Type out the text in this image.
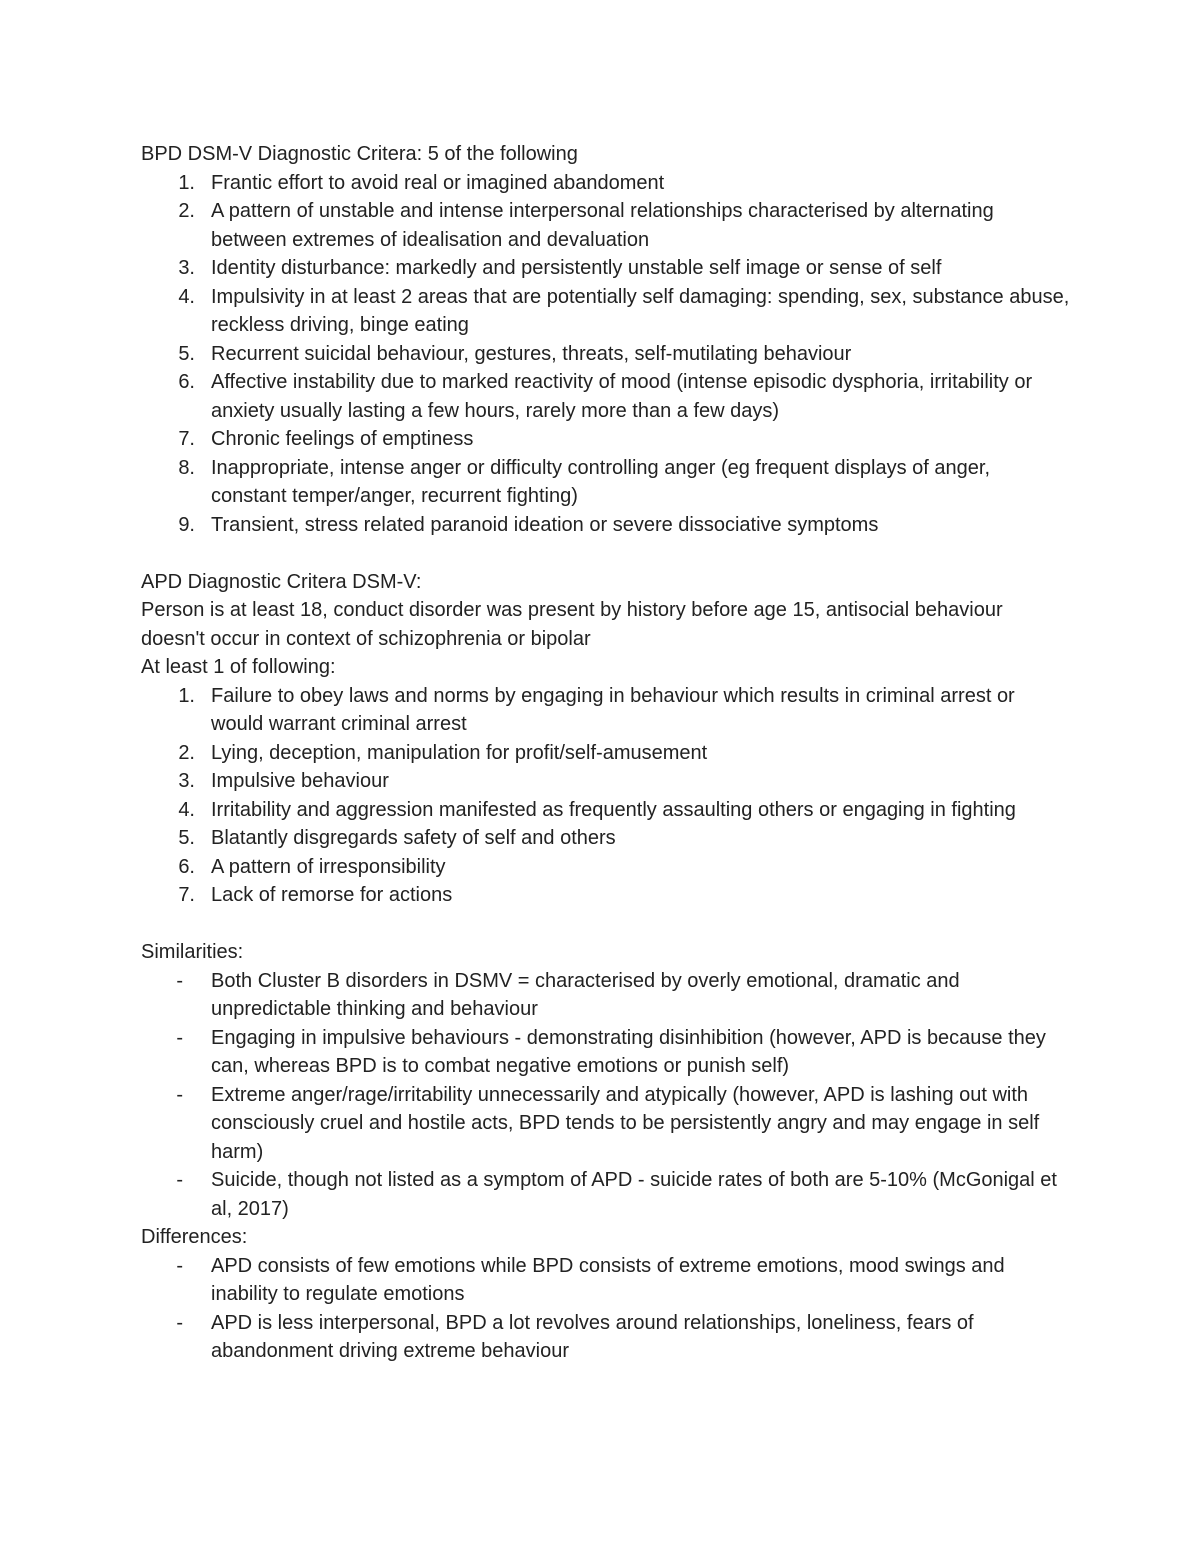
BPD DSM-V Diagnostic Critera: 5 of the following

1. Frantic effort to avoid real or imagined abandoment
2. A pattern of unstable and intense interpersonal relationships characterised by alternating between extremes of idealisation and devaluation
3. Identity disturbance: markedly and persistently unstable self image or sense of self
4. Impulsivity in at least 2 areas that are potentially self damaging: spending, sex, substance abuse, reckless driving, binge eating
5. Recurrent suicidal behaviour, gestures, threats, self-mutilating behaviour
6. Affective instability due to marked reactivity of mood (intense episodic dysphoria, irritability or anxiety usually lasting a few hours, rarely more than a few days)
7. Chronic feelings of emptiness
8. Inappropriate, intense anger or difficulty controlling anger (eg frequent displays of anger, constant temper/anger, recurrent fighting)
9. Transient, stress related paranoid ideation or severe dissociative symptoms

APD Diagnostic Critera DSM-V:

Person is at least 18, conduct disorder was present by history before age 15, antisocial behaviour doesn't occur in context of schizophrenia or bipolar

At least 1 of following:

1. Failure to obey laws and norms by engaging in behaviour which results in criminal arrest or would warrant criminal arrest
2. Lying, deception, manipulation for profit/self-amusement
3. Impulsive behaviour
4. Irritability and aggression manifested as frequently assaulting others or engaging in fighting
5. Blatantly disgregards safety of self and others
6. A pattern of irresponsibility
7. Lack of remorse for actions

Similarities:

- Both Cluster B disorders in DSMV = characterised by overly emotional, dramatic and unpredictable thinking and behaviour
- Engaging in impulsive behaviours - demonstrating disinhibition (however, APD is because they can, whereas BPD is to combat negative emotions or punish self)
- Extreme anger/rage/irritability unnecessarily and atypically (however, APD is lashing out with consciously cruel and hostile acts, BPD tends to be persistently angry and may engage in self harm)
- Suicide, though not listed as a symptom of APD - suicide rates of both are 5-10% (McGonigal et al, 2017)

Differences:

- APD consists of few emotions while BPD consists of extreme emotions, mood swings and inability to regulate emotions
- APD is less interpersonal, BPD a lot revolves around relationships, loneliness, fears of abandonment driving extreme behaviour
